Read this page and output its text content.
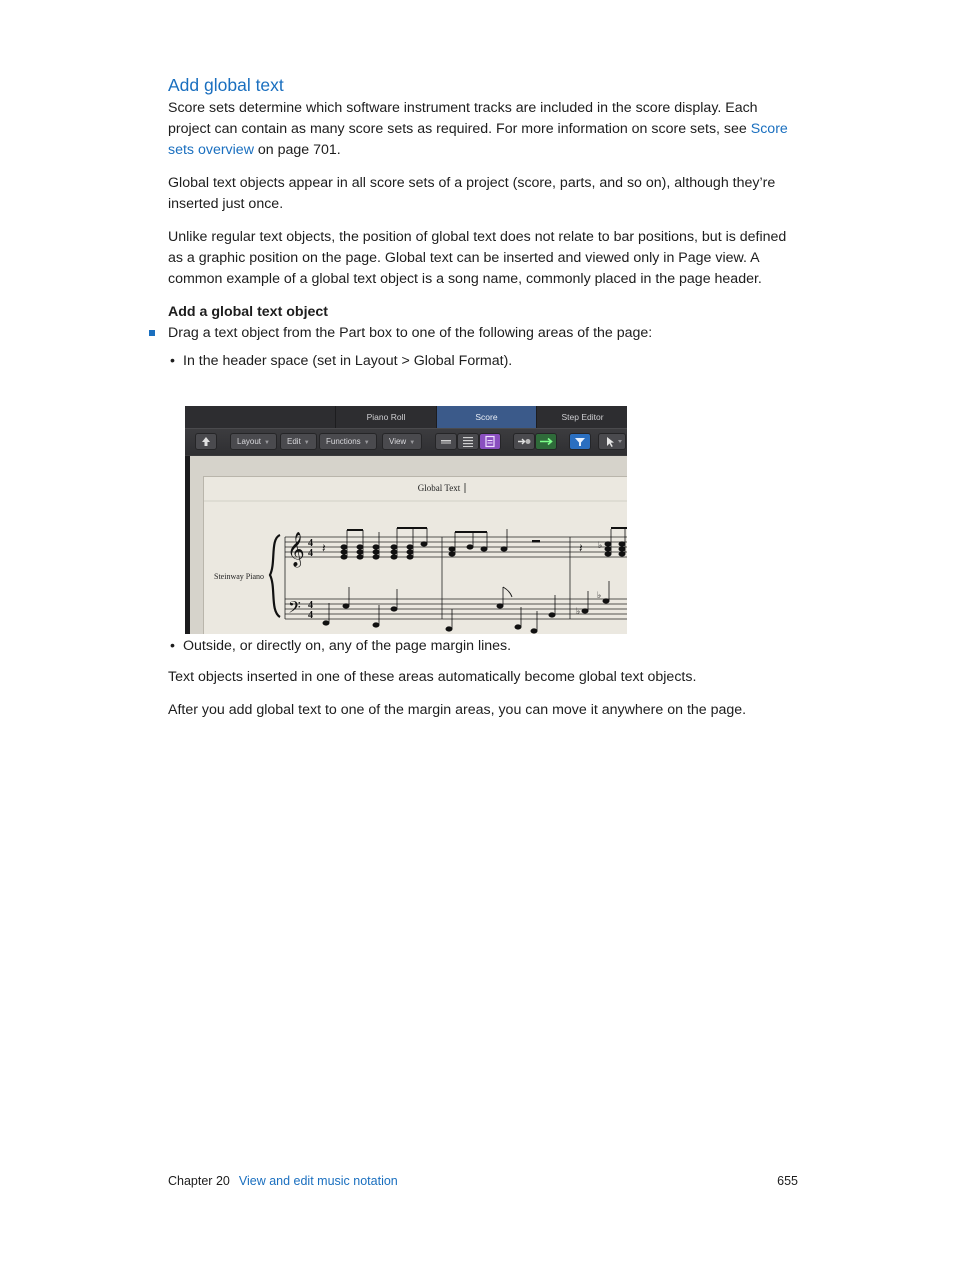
Add global text

Score sets determine which software instrument tracks are included in the score display. Each project can contain as many score sets as required. For more information on score sets, see Score sets overview on page 701.

Global text objects appear in all score sets of a project (score, parts, and so on), although they’re inserted just once.

Unlike regular text objects, the position of global text does not relate to bar positions, but is defined as a graphic position on the page. Global text can be inserted and viewed only in Page view. A common example of a global text object is a song name, commonly placed in the page header.

Add a global text object

Drag a text object from the Part box to one of the following areas of the page:

• In the header space (set in Layout > Global Format).

• Outside, or directly on, any of the page margin lines.

Text objects inserted in one of these areas automatically become global text objects.

After you add global text to one of the margin areas, you can move it anywhere on the page.

Piano Roll	Score	Step Editor
Layout ▼	Edit ▼	Functions ▼	View ▼
Global Text
Steinway Piano
𝄞
𝄢
4
4
4
4
𝄽	𝄽 ♭
♭
♭
Chapter 20 View and edit music notation	655
